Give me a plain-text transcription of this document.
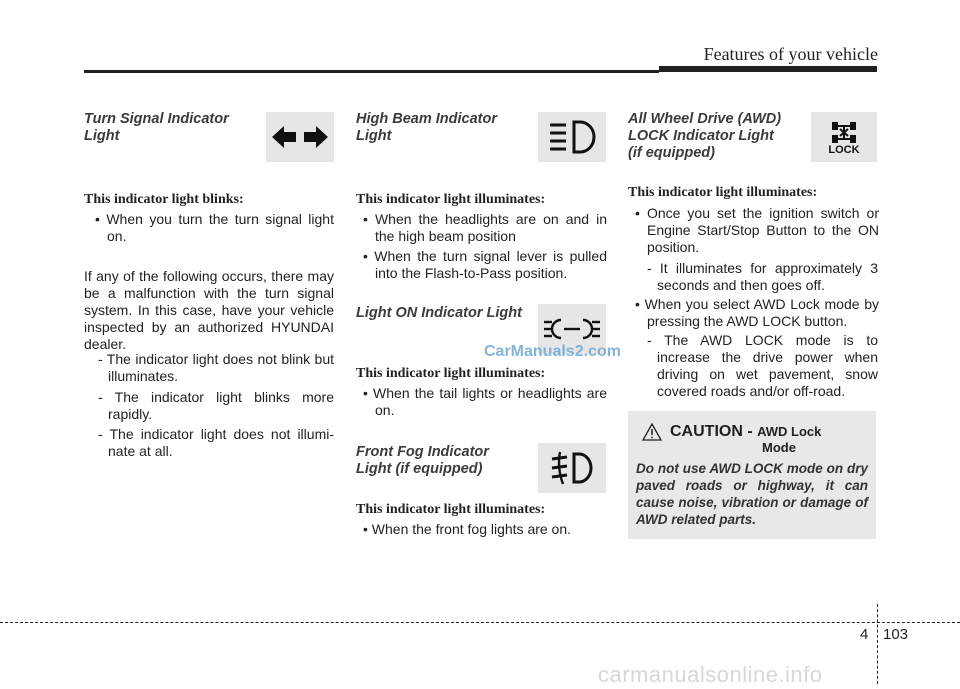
Features of your vehicle
Turn Signal Indicator
Light
This indicator light blinks:
• When you turn the turn signal light on.
If any of the following occurs, there may be a malfunction with the turn signal system. In this case, have your vehicle inspected by an authorized HYUNDAI dealer.
- The indicator light does not blink but illuminates.
- The indicator light blinks more rapidly.
- The indicator light does not illumi-nate at all.
High Beam Indicator
Light
This indicator light illuminates:
• When the headlights are on and in the high beam position
• When the turn signal lever is pulled into the Flash-to-Pass position.
Light ON Indicator Light
This indicator light illuminates:
• When the tail lights or headlights are on.
Front Fog Indicator
Light (if equipped)
This indicator light illuminates:
• When the front fog lights are on.
All Wheel Drive (AWD)
LOCK Indicator Light
(if equipped)	LOCK
This indicator light illuminates:
• Once you set the ignition switch or Engine Start/Stop Button to the ON position.
- It illuminates for approximately 3 seconds and then goes off.
• When you select AWD Lock mode by pressing the AWD LOCK button.
- The AWD LOCK mode is to increase the drive power when driving on wet pavement, snow covered roads and/or off-road.
CAUTION - AWD Lock
Mode
Do not use AWD LOCK mode on dry paved roads or highway, it can cause noise, vibration or damage of AWD related parts.
CarManuals2.com
4 103
carmanualsonline.info
